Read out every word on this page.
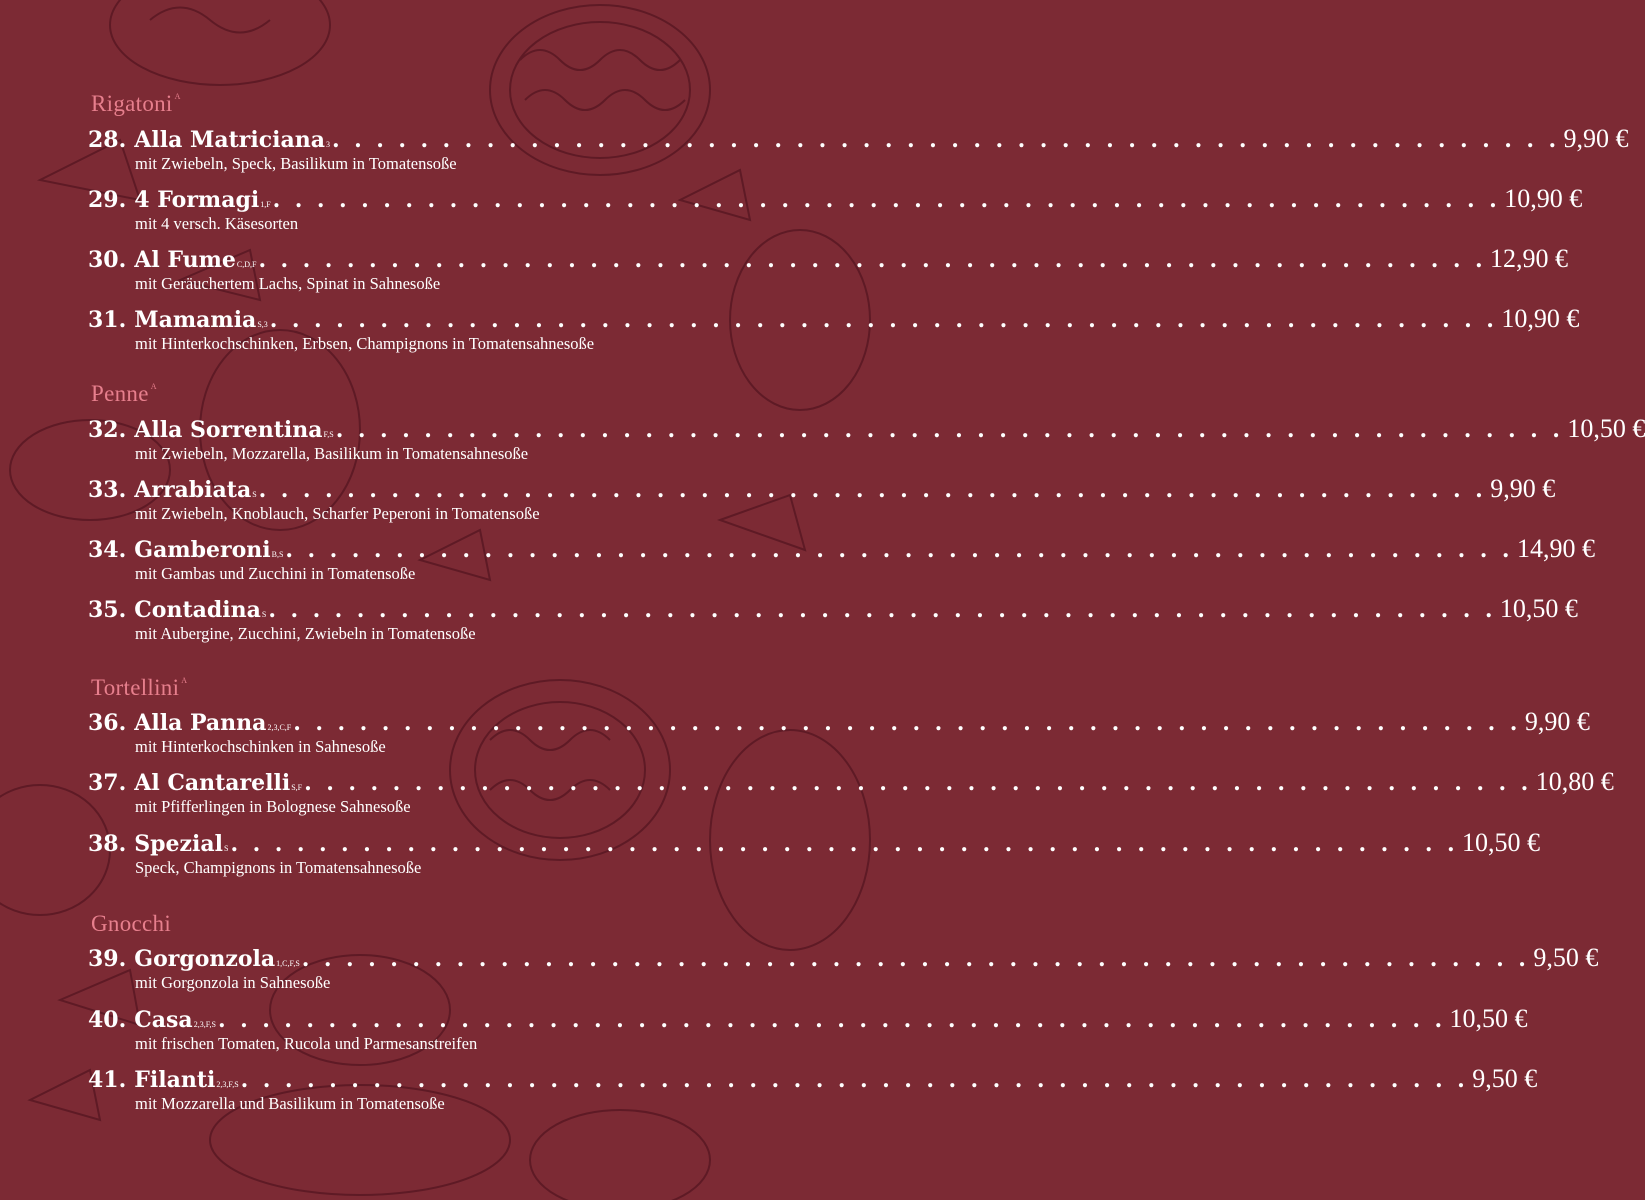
Rigatoni $^A$
28. Alla Matriciana 3 . . . . . . . . . . . . . . . . . . . . . . . . . . . . . . . . . . . . . . . . . . . . . . . . . . . . . . . . 9,90 €
mit Zwiebeln, Speck, Basilikum in Tomatensoße
29. 4 Formagi 1,F . . . . . . . . . . . . . . . . . . . . . . . . . . . . . . . . . . . . . . . . . . . . . . . . . . . . . . . . 10,90 €
mit 4 versch. Käsesorten
30. Al Fume C,D,F . . . . . . . . . . . . . . . . . . . . . . . . . . . . . . . . . . . . . . . . . . . . . . . . . . . . . . . . 12,90 €
mit Geräuchertem Lachs, Spinat in Sahnesoße
31. Mamamia S,3 . . . . . . . . . . . . . . . . . . . . . . . . . . . . . . . . . . . . . . . . . . . . . . . . . . . . . . . . 10,90 €
mit Hinterkochschinken, Erbsen, Champignons in Tomatensahnesoße
Penne $^A$
32. Alla Sorrentina F,S . . . . . . . . . . . . . . . . . . . . . . . . . . . . . . . . . . . . . . . . . . . . . . . . . . . . . . . . 10,50 €
mit Zwiebeln, Mozzarella, Basilikum in Tomatensahnesoße
33. Arrabiata S . . . . . . . . . . . . . . . . . . . . . . . . . . . . . . . . . . . . . . . . . . . . . . . . . . . . . . . . 9,90 €
mit Zwiebeln, Knoblauch, Scharfer Peperoni in Tomatensoße
34. Gamberoni B,S . . . . . . . . . . . . . . . . . . . . . . . . . . . . . . . . . . . . . . . . . . . . . . . . . . . . . . . . 14,90 €
mit Gambas und Zucchini in Tomatensoße
35. Contadina S . . . . . . . . . . . . . . . . . . . . . . . . . . . . . . . . . . . . . . . . . . . . . . . . . . . . . . . . 10,50 €
mit Aubergine, Zucchini, Zwiebeln in Tomatensoße
Tortellini $^A$
36. Alla Panna 2,3,C,F . . . . . . . . . . . . . . . . . . . . . . . . . . . . . . . . . . . . . . . . . . . . . . . . . . . . . . . . 9,90 €
mit Hinterkochschinken in Sahnesoße
37. Al Cantarelli S,F . . . . . . . . . . . . . . . . . . . . . . . . . . . . . . . . . . . . . . . . . . . . . . . . . . . . . . . . 10,80 €
mit Pfifferlingen in Bolognese Sahnesoße
38. Spezial S . . . . . . . . . . . . . . . . . . . . . . . . . . . . . . . . . . . . . . . . . . . . . . . . . . . . . . . . 10,50 €
Speck, Champignons in Tomatensahnesoße
Gnocchi
39. Gorgonzola 1,C,F,S . . . . . . . . . . . . . . . . . . . . . . . . . . . . . . . . . . . . . . . . . . . . . . . . . . . . . . . . 9,50 €
mit Gorgonzola in Sahnesoße
40. Casa 2,3,F,S . . . . . . . . . . . . . . . . . . . . . . . . . . . . . . . . . . . . . . . . . . . . . . . . . . . . . . . . 10,50 €
mit frischen Tomaten, Rucola und Parmesanstreifen
41. Filanti 2,3,F,S . . . . . . . . . . . . . . . . . . . . . . . . . . . . . . . . . . . . . . . . . . . . . . . . . . . . . . . . 9,50 €
mit Mozzarella und Basilikum in Tomatensoße
